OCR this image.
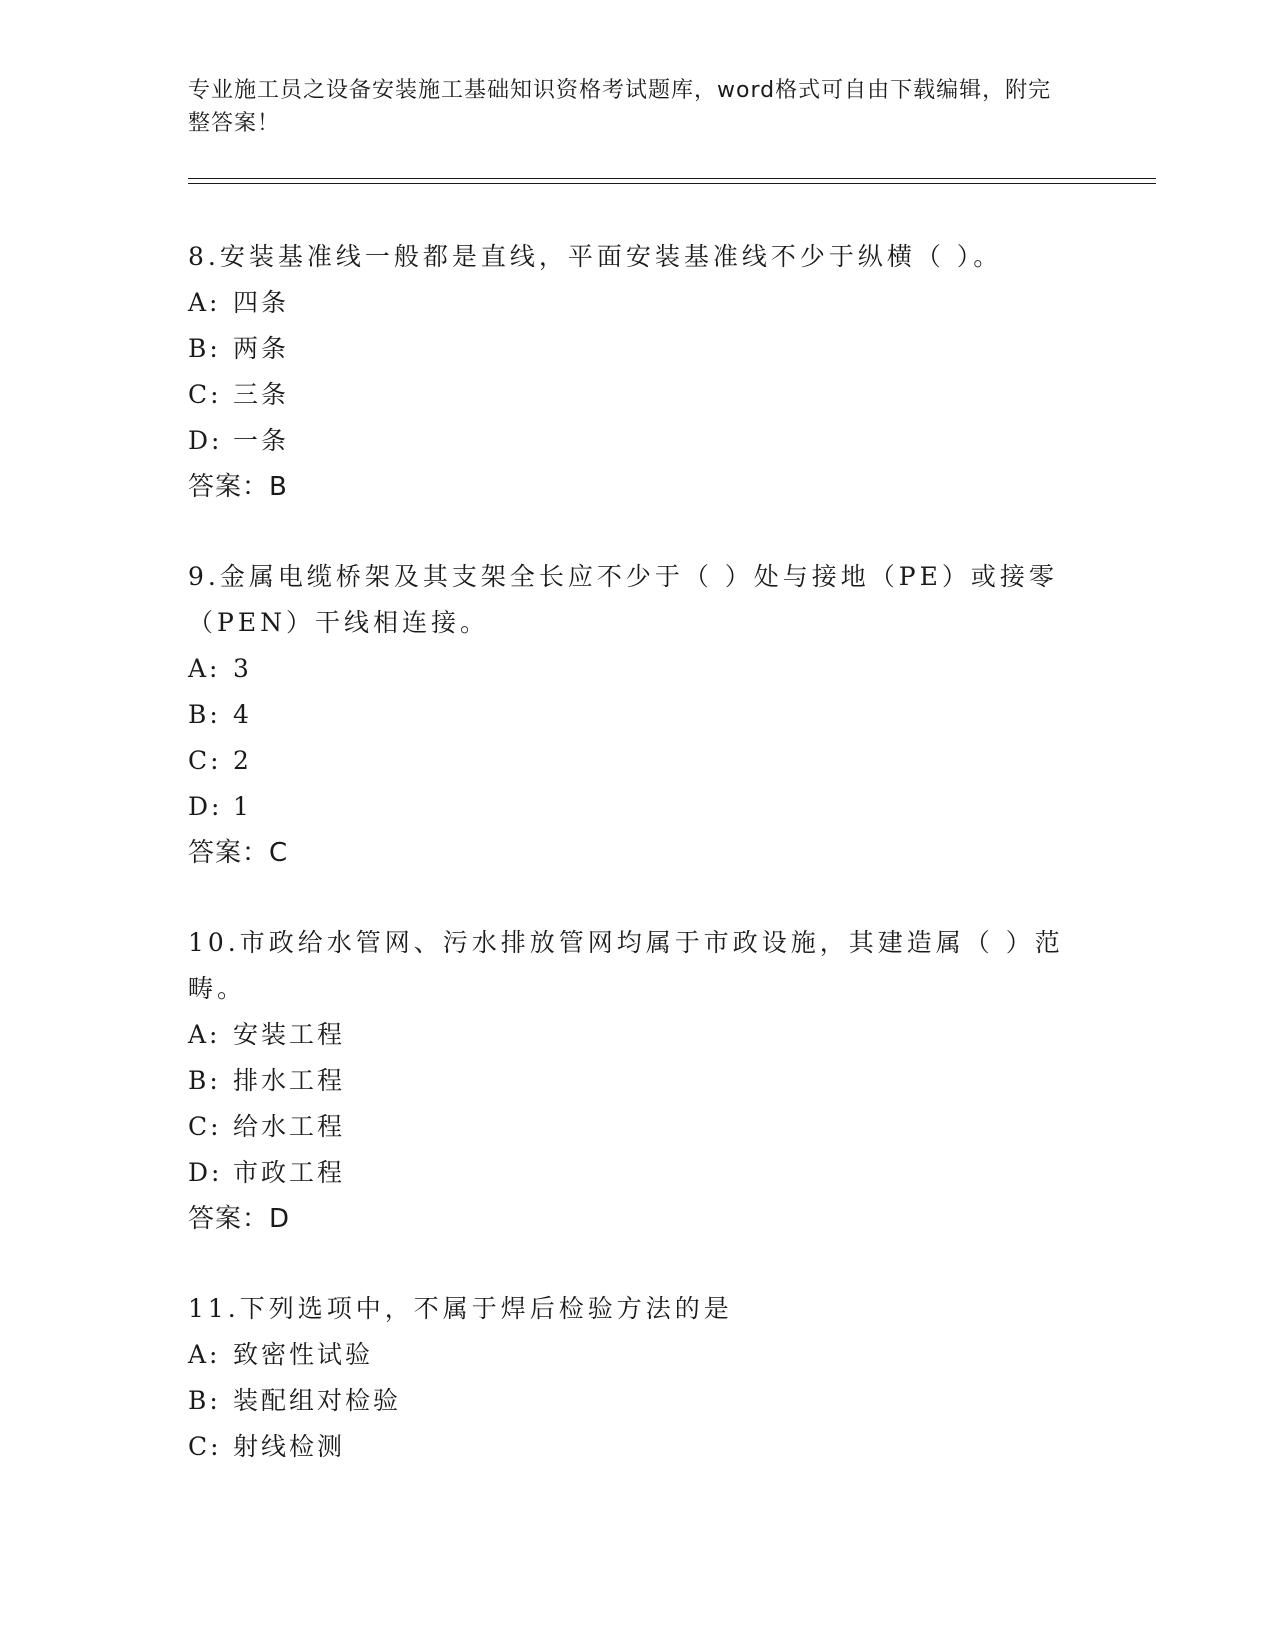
专业施工员之设备安装施工基础知识资格考试题库，word格式可自由下载编辑，附完整答案！
8.安装基准线一般都是直线，平面安装基准线不少于纵横（ ）。
A: 四条
B: 两条
C: 三条
D: 一条
答案：B
9.金属电缆桥架及其支架全长应不少于（ ）处与接地（PE）或接零（PEN）干线相连接。
A: 3
B: 4
C: 2
D: 1
答案：C
10.市政给水管网、污水排放管网均属于市政设施，其建造属（ ）范畴。
A: 安装工程
B: 排水工程
C: 给水工程
D: 市政工程
答案：D
11.下列选项中，不属于焊后检验方法的是
A: 致密性试验
B: 装配组对检验
C: 射线检测
